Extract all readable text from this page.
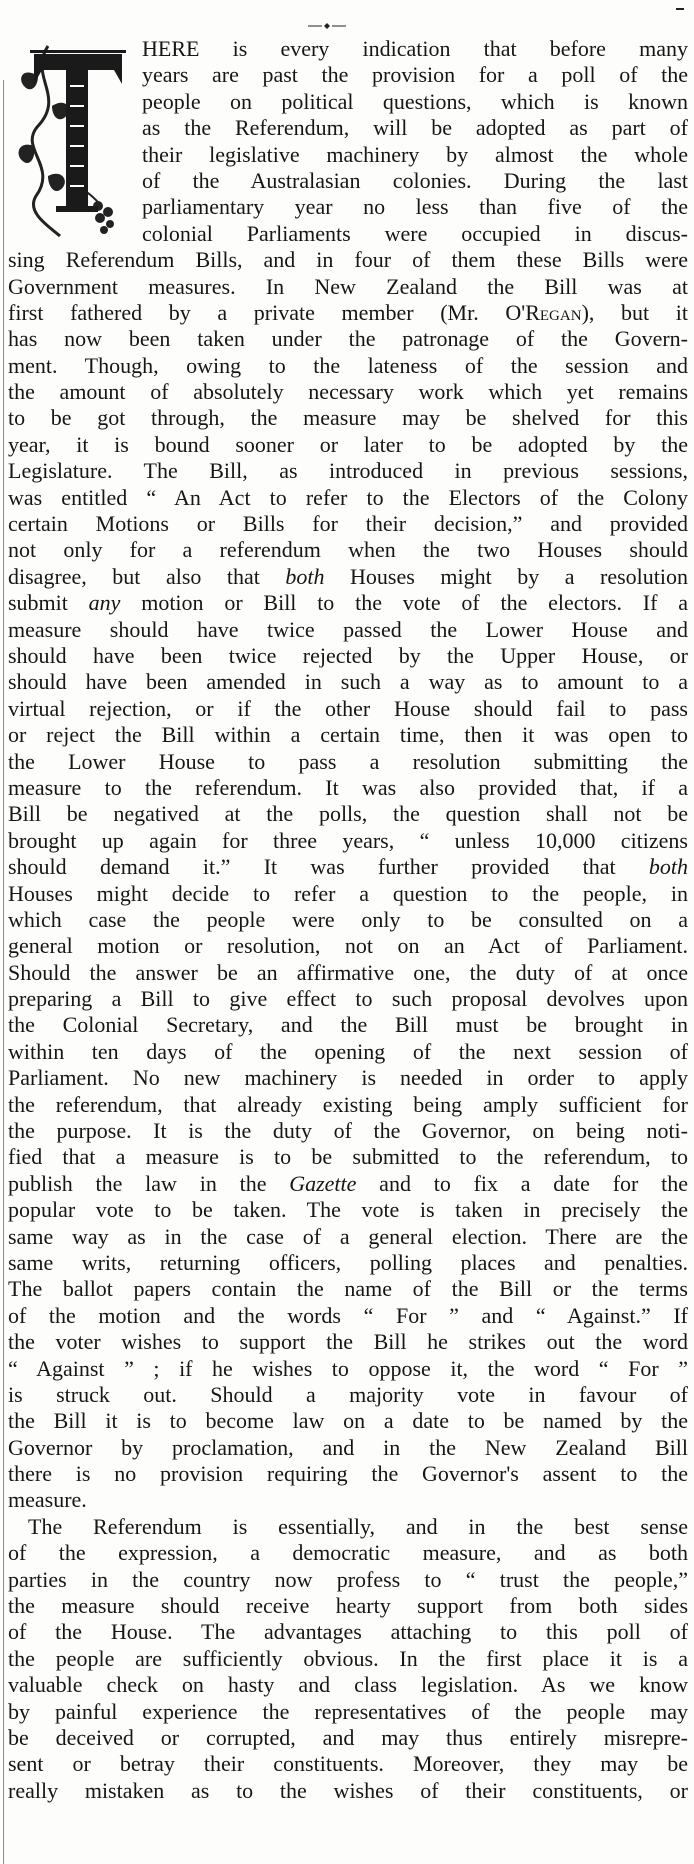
HERE is every indication that before many
years are past the provision for a poll of the
people on political questions, which is known
as the Referendum, will be adopted as part of
their legislative machinery by almost the whole
of the Australasian colonies. During the last
parliamentary year no less than five of the
colonial Parliaments were occupied in discus-
sing Referendum Bills, and in four of them these Bills were
Government measures. In New Zealand the Bill was at
first fathered by a private member (Mr. O'Regan), but it
has now been taken under the patronage of the Govern-
ment. Though, owing to the lateness of the session and
the amount of absolutely necessary work which yet remains
to be got through, the measure may be shelved for this
year, it is bound sooner or later to be adopted by the
Legislature. The Bill, as introduced in previous sessions,
was entitled “ An Act to refer to the Electors of the Colony
certain Motions or Bills for their decision,” and provided
not only for a referendum when the two Houses should
disagree, but also that both Houses might by a resolution
submit any motion or Bill to the vote of the electors. If a
measure should have twice passed the Lower House and
should have been twice rejected by the Upper House, or
should have been amended in such a way as to amount to a
virtual rejection, or if the other House should fail to pass
or reject the Bill within a certain time, then it was open to
the Lower House to pass a resolution submitting the
measure to the referendum. It was also provided that, if a
Bill be negatived at the polls, the question shall not be
brought up again for three years, “ unless 10,000 citizens
should demand it.” It was further provided that both
Houses might decide to refer a question to the people, in
which case the people were only to be consulted on a
general motion or resolution, not on an Act of Parliament.
Should the answer be an affirmative one, the duty of at once
preparing a Bill to give effect to such proposal devolves upon
the Colonial Secretary, and the Bill must be brought in
within ten days of the opening of the next session of
Parliament. No new machinery is needed in order to apply
the referendum, that already existing being amply sufficient for
the purpose. It is the duty of the Governor, on being noti-
fied that a measure is to be submitted to the referendum, to
publish the law in the Gazette and to fix a date for the
popular vote to be taken. The vote is taken in precisely the
same way as in the case of a general election. There are the
same writs, returning officers, polling places and penalties.
The ballot papers contain the name of the Bill or the terms
of the motion and the words “ For ” and “ Against.” If
the voter wishes to support the Bill he strikes out the word
“ Against ” ; if he wishes to oppose it, the word “ For ”
is struck out. Should a majority vote in favour of
the Bill it is to become law on a date to be named by the
Governor by proclamation, and in the New Zealand Bill
there is no provision requiring the Governor's assent to the
measure.
The Referendum is essentially, and in the best sense
of the expression, a democratic measure, and as both
parties in the country now profess to “ trust the people,”
the measure should receive hearty support from both sides
of the House. The advantages attaching to this poll of
the people are sufficiently obvious. In the first place it is a
valuable check on hasty and class legislation. As we know
by painful experience the representatives of the people may
be deceived or corrupted, and may thus entirely misrepre-
sent or betray their constituents. Moreover, they may be
really mistaken as to the wishes of their constituents, or
